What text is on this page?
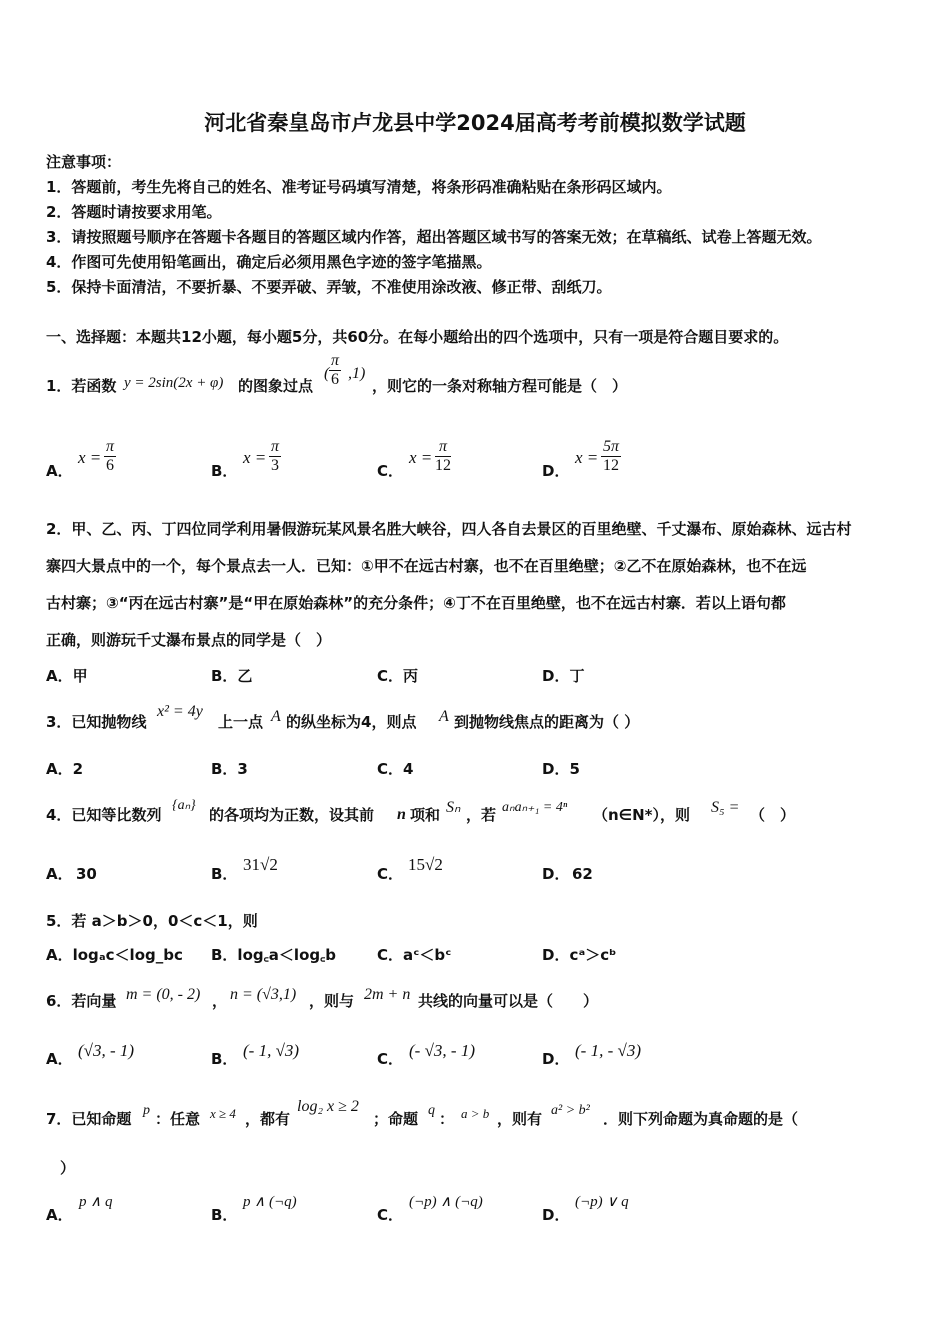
河北省秦皇岛市卢龙县中学2024届高考考前模拟数学试题
注意事项：
1．答题前，考生先将自己的姓名、准考证号码填写清楚，将条形码准确粘贴在条形码区域内。
2．答题时请按要求用笔。
3．请按照题号顺序在答题卡各题目的答题区域内作答，超出答题区域书写的答案无效；在草稿纸、试卷上答题无效。
4．作图可先使用铅笔画出，确定后必须用黑色字迹的签字笔描黑。
5．保持卡面清洁，不要折暴、不要弄破、弄皱，不准使用涂改液、修正带、刮纸刀。
一、选择题：本题共12小题，每小题5分，共60分。在每小题给出的四个选项中，只有一项是符合题目要求的。
1．若函数 y = 2sin(2x + φ) 的图象过点
( $\frac{\pi}{6} ,1$)
，则它的一条对称轴方程可能是（　）
A．
$x = \frac{\pi}{6}$	B．
$x = \frac{\pi}{3}$	C．
$x = \frac{\pi}{12}$	D．
$x = \frac{5\pi}{12}$
2．甲、乙、丙、丁四位同学利用暑假游玩某风景名胜大峡谷，四人各自去景区的百里绝壁、千丈瀑布、原始森林、远古村
寨四大景点中的一个，每个景点去一人．已知：①甲不在远古村寨，也不在百里绝壁；②乙不在原始森林，也不在远
古村寨；③“丙在远古村寨”是“甲在原始森林”的充分条件；④丁不在百里绝壁，也不在远古村寨．若以上语句都
正确，则游玩千丈瀑布景点的同学是（　）
A．甲	B．乙	C．丙	D．丁
3．已知抛物线
x² = 4y
上一点 A 的纵坐标为4，则点 A 到抛物线焦点的距离为（ ）
A．2	B．3	C．4	D．5
4．已知等比数列
{aₙ}
的各项均为正数，设其前 n 项和 Sₙ ，若 aₙaₙ₊₁ = 4ⁿ （n∈N*），则 S₅ = （　）
A． 30	B． 31√2	C． 15√2	D． 62
5．若 a＞b＞0，0＜c＜1，则
A．logₐc＜log_bc B．log꜀a＜log꜀b	C．aᶜ＜bᶜ	D．cᵃ＞cᵇ
6．若向量 m = (0, - 2) ， n = (√3,1) ，则与 2m + n 共线的向量可以是（　　）
A． (√3, - 1)	B． (- 1, √3)	C． (- √3, - 1)	D． (- 1, - √3)
7．已知命题 p ：任意 x ≥ 4 ，都有
log₂ x ≥ 2
；命题 q ： a > b ，则有 a² > b² ．则下列命题为真命题的是（
）
A．
p ∧ q
B．
p ∧ (¬q)
C．
(¬p) ∧ (¬q)
D．
(¬p) ∨ q
